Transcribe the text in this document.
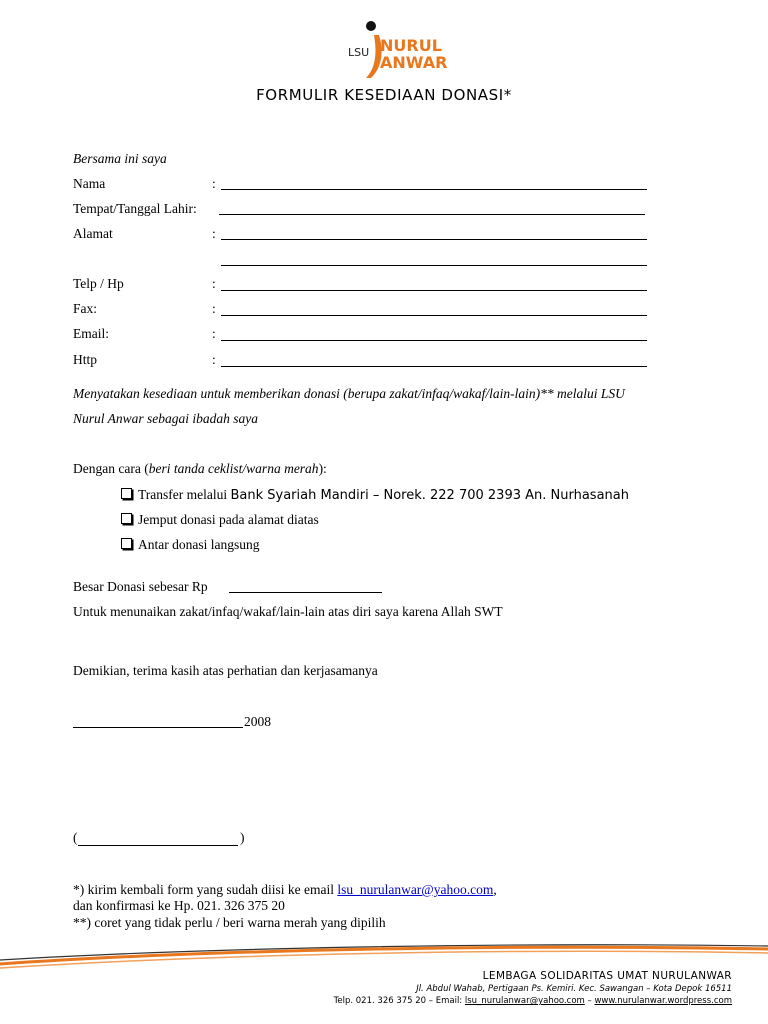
LSU NURUL
ANWAR
FORMULIR KESEDIAAN DONASI*
Bersama ini saya
Nama	:
Tempat/Tanggal Lahir:
Alamat	:
Telp / Hp	:
Fax:	:
Email:	:
Http	:
Menyatakan kesediaan untuk memberikan donasi (berupa zakat/infaq/wakaf/lain-lain)** melalui LSU
Nurul Anwar sebagai ibadah saya
Dengan cara (beri tanda ceklist/warna merah):
Transfer melalui Bank Syariah Mandiri – Norek. 222 700 2393 An. Nurhasanah
Jemput donasi pada alamat diatas
Antar donasi langsung
Besar Donasi sebesar Rp
Untuk menunaikan zakat/infaq/wakaf/lain-lain atas diri saya karena Allah SWT
Demikian, terima kasih atas perhatian dan kerjasamanya
2008
(	)
*) kirim kembali form yang sudah diisi ke email lsu_nurulanwar@yahoo.com,
dan konfirmasi ke Hp. 021. 326 375 20
**) coret yang tidak perlu / beri warna merah yang dipilih
LEMBAGA SOLIDARITAS UMAT NURULANWAR
Jl. Abdul Wahab, Pertigaan Ps. Kemiri. Kec. Sawangan – Kota Depok 16511
Telp. 021. 326 375 20 – Email: lsu_nurulanwar@yahoo.com – www.nurulanwar.wordpress.com
